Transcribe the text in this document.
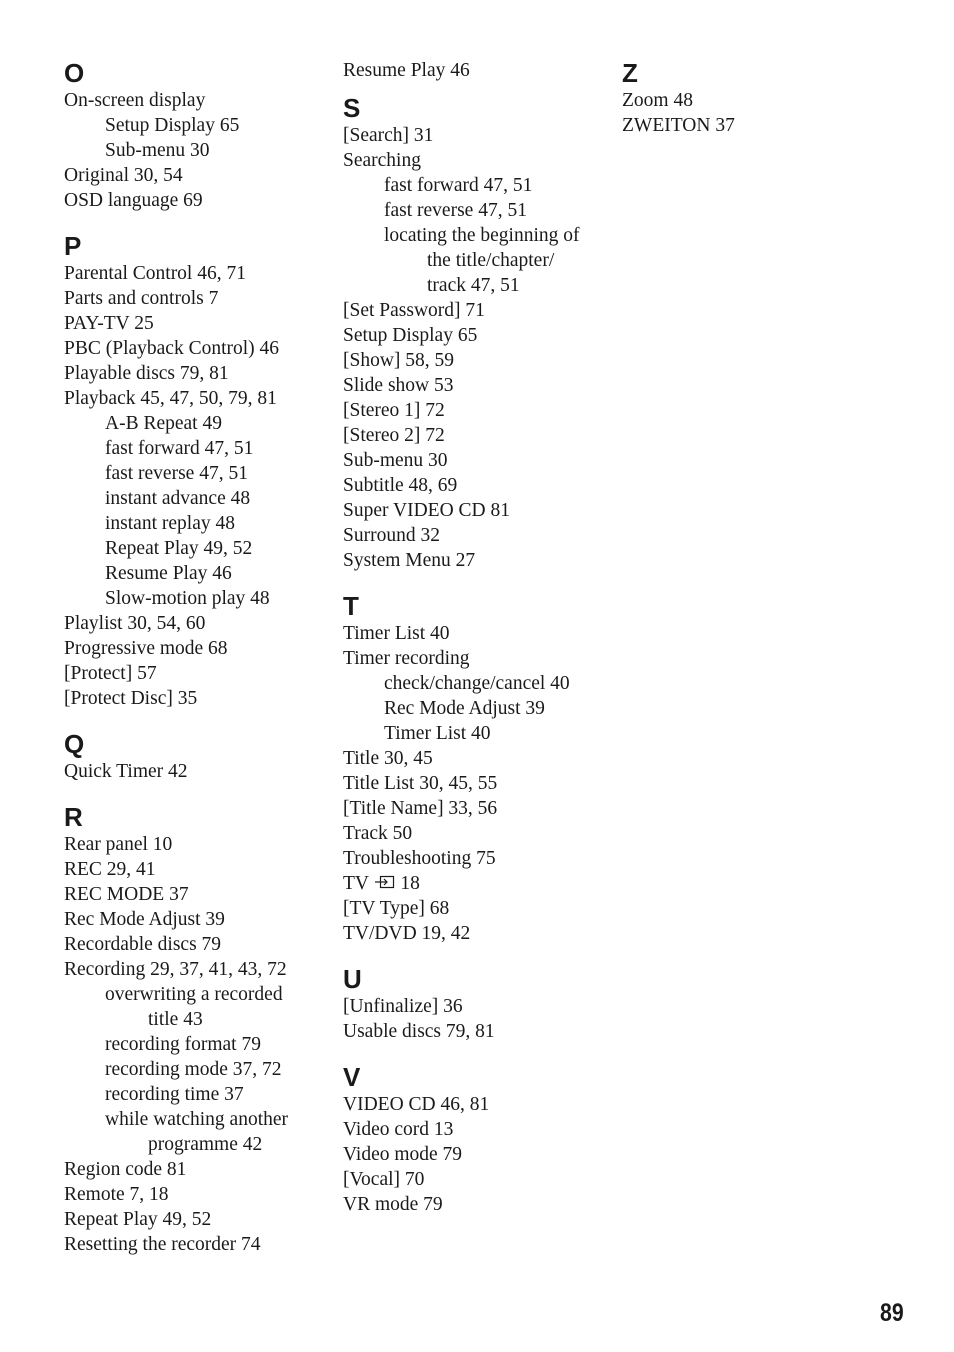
O
On-screen display
Setup Display 65
Sub-menu 30
Original 30, 54
OSD language 69
P
Parental Control 46, 71
Parts and controls 7
PAY-TV 25
PBC (Playback Control) 46
Playable discs 79, 81
Playback 45, 47, 50, 79, 81
A-B Repeat 49
fast forward 47, 51
fast reverse 47, 51
instant advance 48
instant replay 48
Repeat Play 49, 52
Resume Play 46
Slow-motion play 48
Playlist 30, 54, 60
Progressive mode 68
[Protect] 57
[Protect Disc] 35
Q
Quick Timer 42
R
Rear panel 10
REC 29, 41
REC MODE 37
Rec Mode Adjust 39
Recordable discs 79
Recording 29, 37, 41, 43, 72
overwriting a recorded
title 43
recording format 79
recording mode 37, 72
recording time 37
while watching another
programme 42
Region code 81
Remote 7, 18
Repeat Play 49, 52
Resetting the recorder 74
Resume Play 46
S
[Search] 31
Searching
fast forward 47, 51
fast reverse 47, 51
locating the beginning of
the title/chapter/
track 47, 51
[Set Password] 71
Setup Display 65
[Show] 58, 59
Slide show 53
[Stereo 1] 72
[Stereo 2] 72
Sub-menu 30
Subtitle 48, 69
Super VIDEO CD 81
Surround 32
System Menu 27
T
Timer List 40
Timer recording
check/change/cancel 40
Rec Mode Adjust 39
Timer List 40
Title 30, 45
Title List 30, 45, 55
[Title Name] 33, 56
Track 50
Troubleshooting 75
TV 18
[TV Type] 68
TV/DVD 19, 42
U
[Unfinalize] 36
Usable discs 79, 81
V
VIDEO CD 46, 81
Video cord 13
Video mode 79
[Vocal] 70
VR mode 79
Z
Zoom 48
ZWEITON 37
89
